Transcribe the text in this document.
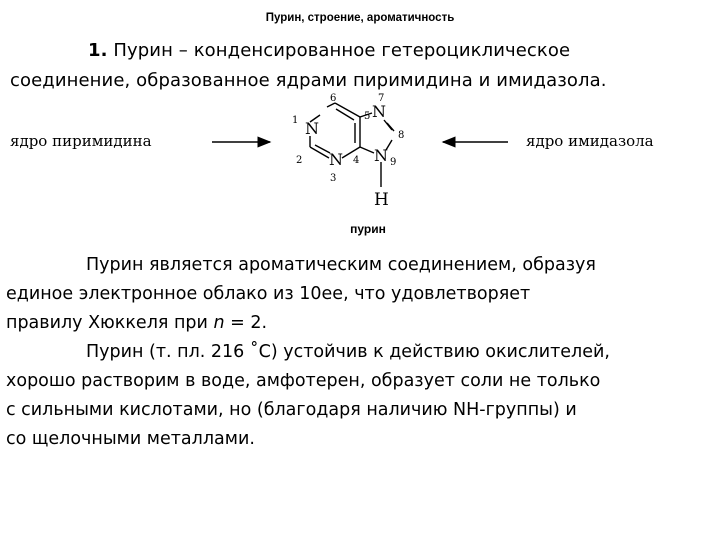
Пурин, строение, ароматичность
1. Пурин – конденсированное гетероциклическое
соединение, образованное ядрами пиримидина и имидазола.
ядро пиримидина	ядро имидазола
N
N
N
N
H
1
2
3
4
5
6	7
8
9
пурин

Пурин является ароматическим соединением, образуя
единое электронное облако из 10ее, что удовлетворяет
правилу Хюккеля при n = 2.

Пурин (т. пл. 216 ˚С) устойчив к действию окислителей,
хорошо растворим в воде, амфотерен, образует соли не только
с сильными кислотами, но (благодаря наличию NH-группы) и
со щелочными металлами.
